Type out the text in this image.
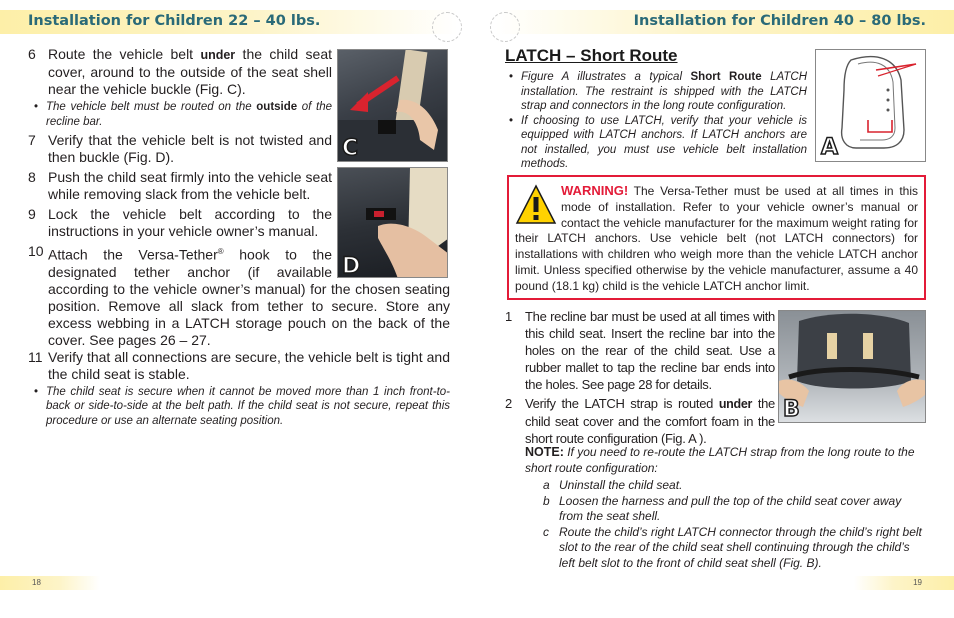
Installation for Children 22 – 40 lbs.	Installation for Children 40 – 80 lbs.
6 Route the vehicle belt under the child seat cover, around to the outside of the seat shell near the vehicle buckle (Fig. C).
• The vehicle belt must be routed on the outside of the recline bar.
7 Verify that the vehicle belt is not twisted and then buckle (Fig. D).
8 Push the child seat firmly into the vehicle seat while removing slack from the vehicle belt.
9 Lock the vehicle belt according to the instructions in your vehicle owner’s manual.
10 Attach the Versa-Tether® hook to the designated tether anchor (if available according to the vehicle owner’s manual) for the chosen seating position. Remove all slack from tether to secure. Store any excess webbing in a LATCH storage pouch on the back of the cover. See pages 26 – 27.
11 Verify that all connections are secure, the vehicle belt is tight and the child seat is stable.
• The child seat is secure when it cannot be moved more than 1 inch front-to-back or side-to-side at the belt path. If the child seat is not secure, repeat this procedure or use an alternate seating position.
C
D
LATCH – Short Route
• Figure A illustrates a typical Short Route LATCH installation. The restraint is shipped with the LATCH strap and connectors in the long route configuration.
• If choosing to use LATCH, verify that your vehicle is equipped with LATCH anchors. If LATCH anchors are not installed, you must use vehicle belt installation methods.
A
WARNING! The Versa-Tether must be used at all times in this mode of installation. Refer to your vehicle owner’s manual or contact the vehicle manufacturer for the maximum weight rating for their LATCH anchors. Use vehicle belt (not LATCH connectors) for installations with children who weigh more than the vehicle LATCH anchor limit. Unless specified otherwise by the vehicle manufacturer, assume a 40 pound (18.1 kg) child is the vehicle LATCH anchor limit.
1	The recline bar must be used at all times with this child seat. Insert the recline bar into the holes on the rear of the child seat. Use a rubber mallet to tap the recline bar ends into the holes. See page 28 for details.
2	Verify the LATCH strap is routed under the child seat cover and the comfort foam in the short route configuration (Fig. A ).
B
NOTE: If you need to re-route the LATCH strap from the long route to the short route configuration:
a Uninstall the child seat.
b Loosen the harness and pull the top of the child seat cover away from the seat shell.
c Route the child’s right LATCH connector through the child’s right belt slot to the rear of the child seat shell continuing through the child’s left belt slot to the front of child seat shell (Fig. B).
18	19
